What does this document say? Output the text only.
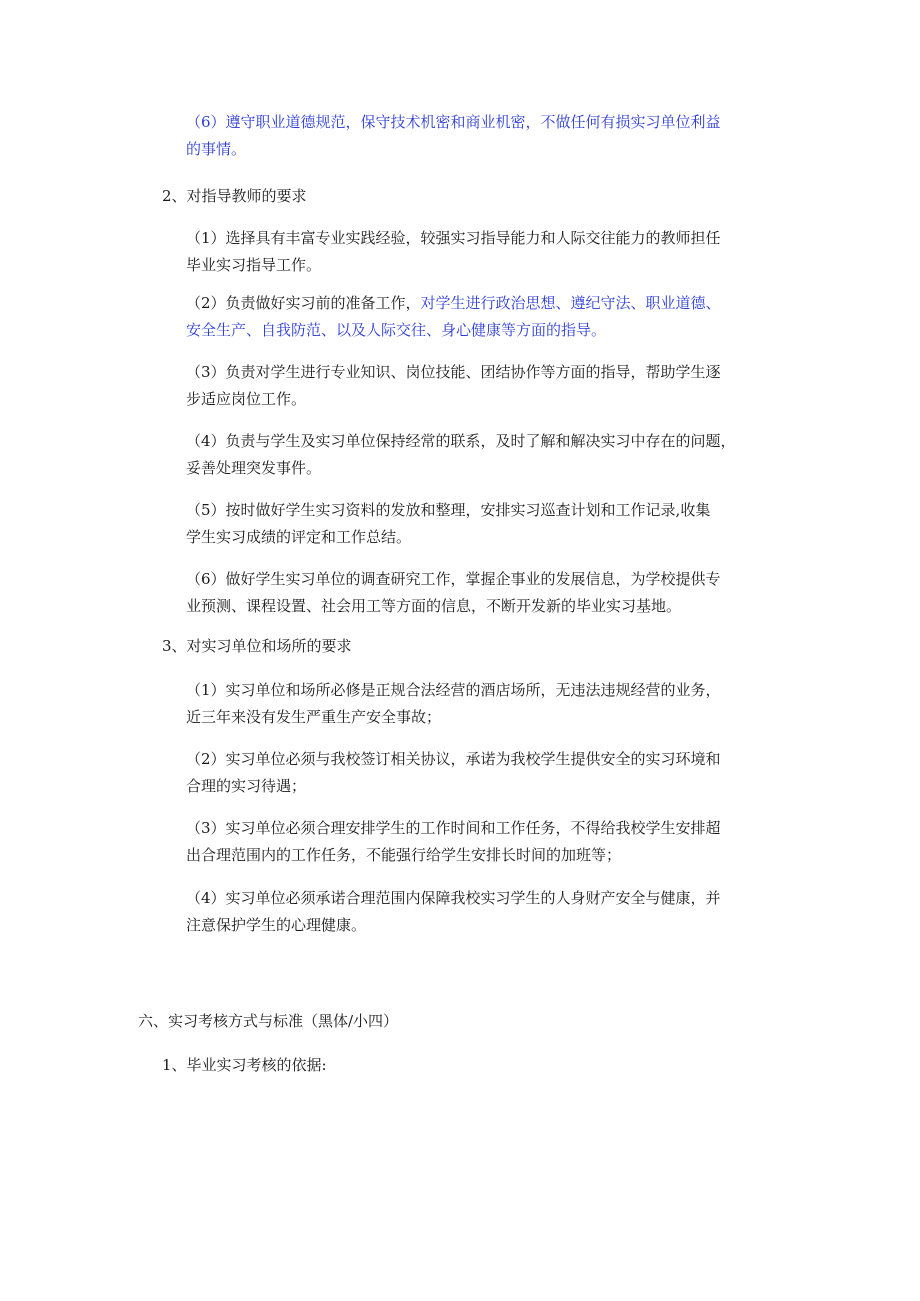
（6）遵守职业道德规范，保守技术机密和商业机密，不做任何有损实习单位利益
的事情。
2、对指导教师的要求
（1）选择具有丰富专业实践经验，较强实习指导能力和人际交往能力的教师担任
毕业实习指导工作。
（2）负责做好实习前的准备工作，对学生进行政治思想、遵纪守法、职业道德、
安全生产、自我防范、以及人际交往、身心健康等方面的指导。
（3）负责对学生进行专业知识、岗位技能、团结协作等方面的指导，帮助学生逐
步适应岗位工作。
（4）负责与学生及实习单位保持经常的联系，及时了解和解决实习中存在的问题，
妥善处理突发事件。
（5）按时做好学生实习资料的发放和整理，安排实习巡查计划和工作记录,收集
学生实习成绩的评定和工作总结。
（6）做好学生实习单位的调查研究工作，掌握企事业的发展信息，为学校提供专
业预测、课程设置、社会用工等方面的信息，不断开发新的毕业实习基地。
3、对实习单位和场所的要求
（1）实习单位和场所必修是正规合法经营的酒店场所，无违法违规经营的业务，
近三年来没有发生严重生产安全事故；
（2）实习单位必须与我校签订相关协议，承诺为我校学生提供安全的实习环境和
合理的实习待遇；
（3）实习单位必须合理安排学生的工作时间和工作任务，不得给我校学生安排超
出合理范围内的工作任务，不能强行给学生安排长时间的加班等；
（4）实习单位必须承诺合理范围内保障我校实习学生的人身财产安全与健康，并
注意保护学生的心理健康。
六、实习考核方式与标准（黑体/小四）
1、毕业实习考核的依据:
